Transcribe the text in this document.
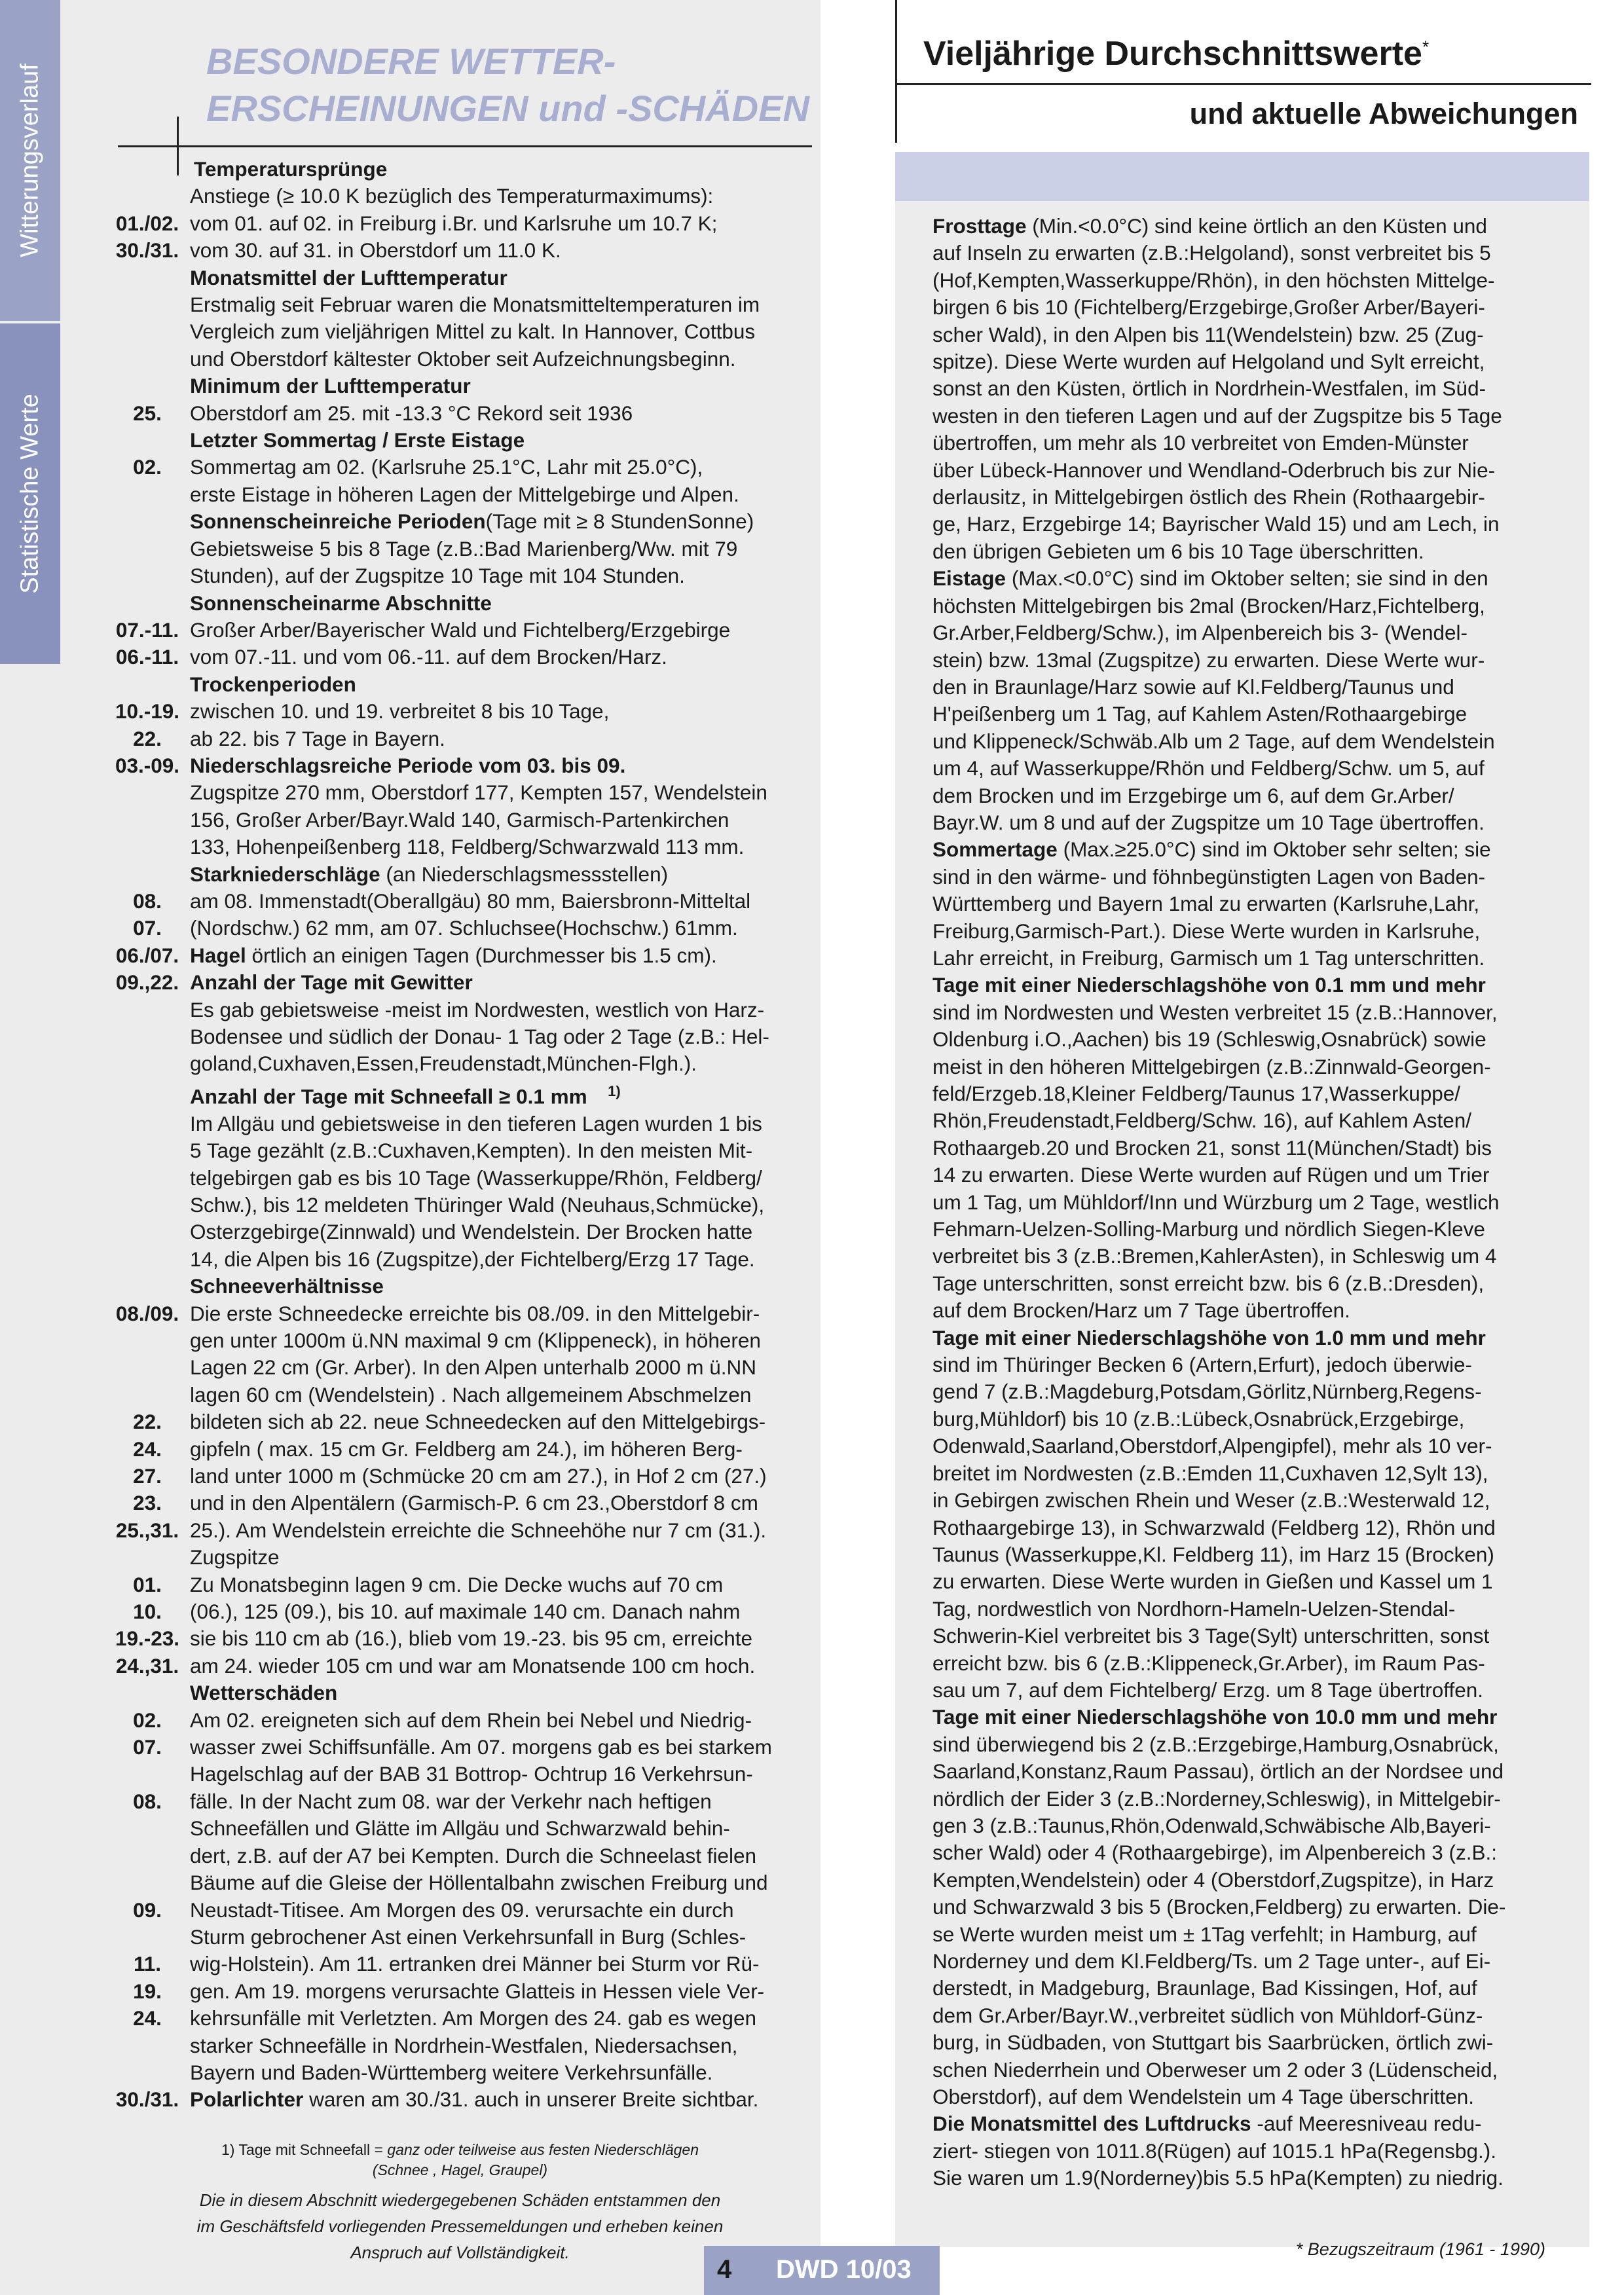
Witterungsverlauf
Statistische Werte
BESONDERE WETTER-
ERSCHEINUNGEN und -SCHÄDEN
Temperatursprünge
Anstiege (≥ 10.0 K bezüglich des Temperaturmaximums):
01./02. vom 01. auf 02. in Freiburg i.Br. und Karlsruhe um 10.7 K;
30./31. vom 30. auf 31. in Oberstdorf um 11.0 K.
Monatsmittel der Lufttemperatur
Erstmalig seit Februar waren die Monatsmitteltemperaturen im
Vergleich zum vieljährigen Mittel zu kalt. In Hannover, Cottbus
und Oberstdorf kältester Oktober seit Aufzeichnungsbeginn.
Minimum der Lufttemperatur
25.	Oberstdorf am 25. mit -13.3 °C Rekord seit 1936
Letzter Sommertag / Erste Eistage
02.	Sommertag am 02. (Karlsruhe 25.1°C, Lahr mit 25.0°C),
erste Eistage in höheren Lagen der Mittelgebirge und Alpen.
Sonnenscheinreiche Perioden(Tage mit ≥ 8 StundenSonne)
Gebietsweise 5 bis 8 Tage (z.B.:Bad Marienberg/Ww. mit 79
Stunden), auf der Zugspitze 10 Tage mit 104 Stunden.
Sonnenscheinarme Abschnitte
07.-11. Großer Arber/Bayerischer Wald und Fichtelberg/Erzgebirge
06.-11. vom 07.-11. und vom 06.-11. auf dem Brocken/Harz.
Trockenperioden
10.-19. zwischen 10. und 19. verbreitet 8 bis 10 Tage,
22.	ab 22. bis 7 Tage in Bayern.
03.-09. Niederschlagsreiche Periode vom 03. bis 09.
Zugspitze 270 mm, Oberstdorf 177, Kempten 157, Wendelstein
156, Großer Arber/Bayr.Wald 140, Garmisch-Partenkirchen
133, Hohenpeißenberg 118, Feldberg/Schwarzwald 113 mm.
Starkniederschläge (an Niederschlagsmessstellen)
08.	am 08. Immenstadt(Oberallgäu) 80 mm, Baiersbronn-Mitteltal
07.	(Nordschw.) 62 mm, am 07. Schluchsee(Hochschw.) 61mm.
06./07. Hagel örtlich an einigen Tagen (Durchmesser bis 1.5 cm).
09.,22. Anzahl der Tage mit Gewitter
Es gab gebietsweise -meist im Nordwesten, westlich von Harz-
Bodensee und südlich der Donau- 1 Tag oder 2 Tage (z.B.: Hel-
goland,Cuxhaven,Essen,Freudenstadt,München-Flgh.).
Anzahl der Tage mit Schneefall ≥ 0.1 mm  $^{1)}$
Im Allgäu und gebietsweise in den tieferen Lagen wurden 1 bis
5 Tage gezählt (z.B.:Cuxhaven,Kempten). In den meisten Mit-
telgebirgen gab es bis 10 Tage (Wasserkuppe/Rhön, Feldberg/
Schw.), bis 12 meldeten Thüringer Wald (Neuhaus,Schmücke),
Osterzgebirge(Zinnwald) und Wendelstein. Der Brocken hatte
14, die Alpen bis 16 (Zugspitze),der Fichtelberg/Erzg 17 Tage.
Schneeverhältnisse
08./09. Die erste Schneedecke erreichte bis 08./09. in den Mittelgebir-
gen unter 1000m ü.NN maximal 9 cm (Klippeneck), in höheren
Lagen 22 cm (Gr. Arber). In den Alpen unterhalb 2000 m ü.NN
lagen 60 cm (Wendelstein) . Nach allgemeinem Abschmelzen
22.	bildeten sich ab 22. neue Schneedecken auf den Mittelgebirgs-
24.	gipfeln ( max. 15 cm Gr. Feldberg am 24.), im höheren Berg-
27.	land unter 1000 m (Schmücke 20 cm am 27.), in Hof 2 cm (27.)
23.	und in den Alpentälern (Garmisch-P. 6 cm 23.,Oberstdorf 8 cm
25.,31. 25.). Am Wendelstein erreichte die Schneehöhe nur 7 cm (31.).
Zugspitze
01.	Zu Monatsbeginn lagen 9 cm. Die Decke wuchs auf 70 cm
10.	(06.), 125 (09.), bis 10. auf maximale 140 cm. Danach nahm
19.-23. sie bis 110 cm ab (16.), blieb vom 19.-23. bis 95 cm, erreichte
24.,31. am 24. wieder 105 cm und war am Monatsende 100 cm hoch.
Wetterschäden
02.	Am 02. ereigneten sich auf dem Rhein bei Nebel und Niedrig-
07.	wasser zwei Schiffsunfälle. Am 07. morgens gab es bei starkem
Hagelschlag auf der BAB 31 Bottrop- Ochtrup 16 Verkehrsun-
08.	fälle. In der Nacht zum 08. war der Verkehr nach heftigen
Schneefällen und Glätte im Allgäu und Schwarzwald behin-
dert, z.B. auf der A7 bei Kempten. Durch die Schneelast fielen
Bäume auf die Gleise der Höllentalbahn zwischen Freiburg und
09.	Neustadt-Titisee. Am Morgen des 09. verursachte ein durch
Sturm gebrochener Ast einen Verkehrsunfall in Burg (Schles-
11.	wig-Holstein). Am 11. ertranken drei Männer bei Sturm vor Rü-
19.	gen. Am 19. morgens verursachte Glatteis in Hessen viele Ver-
24.	kehrsunfälle mit Verletzten. Am Morgen des 24. gab es wegen
starker Schneefälle in Nordrhein-Westfalen, Niedersachsen,
Bayern und Baden-Württemberg weitere Verkehrsunfälle.
30./31. Polarlichter waren am 30./31. auch in unserer Breite sichtbar.
1) Tage mit Schneefall = ganz oder teilweise aus festen Niederschlägen
(Schnee , Hagel, Graupel)
Die in diesem Abschnitt wiedergegebenen Schäden entstammen den
im Geschäftsfeld vorliegenden Pressemeldungen und erheben keinen
Anspruch auf Vollständigkeit.
Vieljährige Durchschnittswerte*
und aktuelle Abweichungen
Frosttage (Min.<0.0°C) sind keine örtlich an den Küsten und
auf Inseln zu erwarten (z.B.:Helgoland), sonst verbreitet bis 5
(Hof,Kempten,Wasserkuppe/Rhön), in den höchsten Mittelge-
birgen 6 bis 10 (Fichtelberg/Erzgebirge,Großer Arber/Bayeri-
scher Wald), in den Alpen bis 11(Wendelstein) bzw. 25 (Zug-
spitze). Diese Werte wurden auf Helgoland und Sylt erreicht,
sonst an den Küsten, örtlich in Nordrhein-Westfalen, im Süd-
westen in den tieferen Lagen und auf der Zugspitze bis 5 Tage
übertroffen, um mehr als 10 verbreitet von Emden-Münster
über Lübeck-Hannover und Wendland-Oderbruch bis zur Nie-
derlausitz, in Mittelgebirgen östlich des Rhein (Rothaargebir-
ge, Harz, Erzgebirge 14; Bayrischer Wald 15) und am Lech, in
den übrigen Gebieten um 6 bis 10 Tage überschritten.
Eistage (Max.<0.0°C) sind im Oktober selten; sie sind in den
höchsten Mittelgebirgen bis 2mal (Brocken/Harz,Fichtelberg,
Gr.Arber,Feldberg/Schw.), im Alpenbereich bis 3- (Wendel-
stein) bzw. 13mal (Zugspitze) zu erwarten. Diese Werte wur-
den in Braunlage/Harz sowie auf Kl.Feldberg/Taunus und
H'peißenberg um 1 Tag, auf Kahlem Asten/Rothaargebirge
und Klippeneck/Schwäb.Alb um 2 Tage, auf dem Wendelstein
um 4, auf Wasserkuppe/Rhön und Feldberg/Schw. um 5, auf
dem Brocken und im Erzgebirge um 6, auf dem Gr.Arber/
Bayr.W. um 8 und auf der Zugspitze um 10 Tage übertroffen.
Sommertage (Max.≥25.0°C) sind im Oktober sehr selten; sie
sind in den wärme- und föhnbegünstigten Lagen von Baden-
Württemberg und Bayern 1mal zu erwarten (Karlsruhe,Lahr,
Freiburg,Garmisch-Part.). Diese Werte wurden in Karlsruhe,
Lahr erreicht, in Freiburg, Garmisch um 1 Tag unterschritten.
Tage mit einer Niederschlagshöhe von 0.1 mm und mehr
sind im Nordwesten und Westen verbreitet 15 (z.B.:Hannover,
Oldenburg i.O.,Aachen) bis 19 (Schleswig,Osnabrück) sowie
meist in den höheren Mittelgebirgen (z.B.:Zinnwald-Georgen-
feld/Erzgeb.18,Kleiner Feldberg/Taunus 17,Wasserkuppe/
Rhön,Freudenstadt,Feldberg/Schw. 16), auf Kahlem Asten/
Rothaargeb.20 und Brocken 21, sonst 11(München/Stadt) bis
14 zu erwarten. Diese Werte wurden auf Rügen und um Trier
um 1 Tag, um Mühldorf/Inn und Würzburg um 2 Tage, westlich
Fehmarn-Uelzen-Solling-Marburg und nördlich Siegen-Kleve
verbreitet bis 3 (z.B.:Bremen,KahlerAsten), in Schleswig um 4
Tage unterschritten, sonst erreicht bzw. bis 6 (z.B.:Dresden),
auf dem Brocken/Harz um 7 Tage übertroffen.
Tage mit einer Niederschlagshöhe von 1.0 mm und mehr
sind im Thüringer Becken 6 (Artern,Erfurt), jedoch überwie-
gend 7 (z.B.:Magdeburg,Potsdam,Görlitz,Nürnberg,Regens-
burg,Mühldorf) bis 10 (z.B.:Lübeck,Osnabrück,Erzgebirge,
Odenwald,Saarland,Oberstdorf,Alpengipfel), mehr als 10 ver-
breitet im Nordwesten (z.B.:Emden 11,Cuxhaven 12,Sylt 13),
in Gebirgen zwischen Rhein und Weser (z.B.:Westerwald 12,
Rothaargebirge 13), in Schwarzwald (Feldberg 12), Rhön und
Taunus (Wasserkuppe,Kl. Feldberg 11), im Harz 15 (Brocken)
zu erwarten. Diese Werte wurden in Gießen und Kassel um 1
Tag, nordwestlich von Nordhorn-Hameln-Uelzen-Stendal-
Schwerin-Kiel verbreitet bis 3 Tage(Sylt) unterschritten, sonst
erreicht bzw. bis 6 (z.B.:Klippeneck,Gr.Arber), im Raum Pas-
sau um 7, auf dem Fichtelberg/ Erzg. um 8 Tage übertroffen.
Tage mit einer Niederschlagshöhe von 10.0 mm und mehr
sind überwiegend bis 2 (z.B.:Erzgebirge,Hamburg,Osnabrück,
Saarland,Konstanz,Raum Passau), örtlich an der Nordsee und
nördlich der Eider 3 (z.B.:Norderney,Schleswig), in Mittelgebir-
gen 3 (z.B.:Taunus,Rhön,Odenwald,Schwäbische Alb,Bayeri-
scher Wald) oder 4 (Rothaargebirge), im Alpenbereich 3 (z.B.:
Kempten,Wendelstein) oder 4 (Oberstdorf,Zugspitze), in Harz
und Schwarzwald 3 bis 5 (Brocken,Feldberg) zu erwarten. Die-
se Werte wurden meist um ± 1Tag verfehlt; in Hamburg, auf
Norderney und dem Kl.Feldberg/Ts. um 2 Tage unter-, auf Ei-
derstedt, in Madgeburg, Braunlage, Bad Kissingen, Hof, auf
dem Gr.Arber/Bayr.W.,verbreitet südlich von Mühldorf-Günz-
burg, in Südbaden, von Stuttgart bis Saarbrücken, örtlich zwi-
schen Niederrhein und Oberweser um 2 oder 3 (Lüdenscheid,
Oberstdorf), auf dem Wendelstein um 4 Tage überschritten.
Die Monatsmittel des Luftdrucks -auf Meeresniveau redu-
ziert- stiegen von 1011.8(Rügen) auf 1015.1 hPa(Regensbg.).
Sie waren um 1.9(Norderney)bis 5.5 hPa(Kempten) zu niedrig.
* Bezugszeitraum (1961 - 1990)
4 DWD 10/03
